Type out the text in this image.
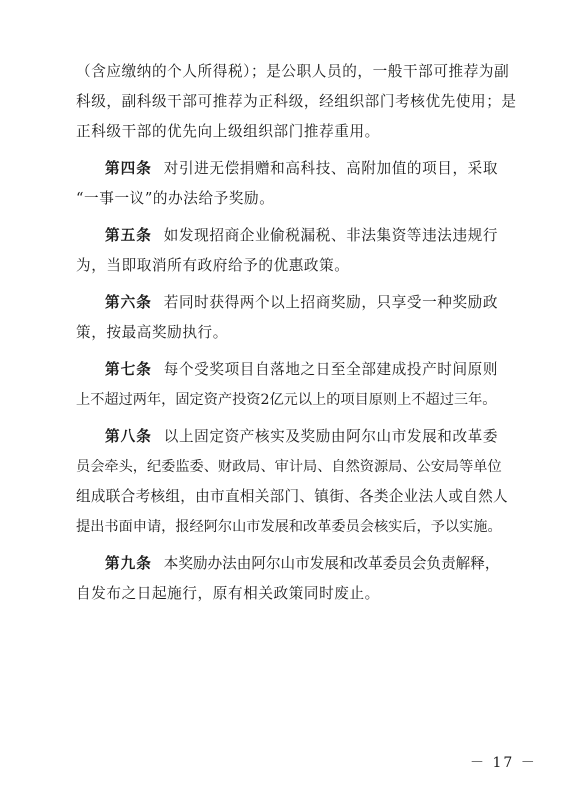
（含应缴纳的个人所得税）；是公职人员的，一般干部可推荐为副
科级，副科级干部可推荐为正科级，经组织部门考核优先使用；是
正科级干部的优先向上级组织部门推荐重用。
第四条 对引进无偿捐赠和高科技、高附加值的项目，采取
“一事一议”的办法给予奖励。
第五条 如发现招商企业偷税漏税、非法集资等违法违规行
为，当即取消所有政府给予的优惠政策。
第六条 若同时获得两个以上招商奖励，只享受一种奖励政
策，按最高奖励执行。
第七条 每个受奖项目自落地之日至全部建成投产时间原则
上不超过两年，固定资产投资2亿元以上的项目原则上不超过三年。
第八条 以上固定资产核实及奖励由阿尔山市发展和改革委
员会牵头，纪委监委、财政局、审计局、自然资源局、公安局等单位
组成联合考核组，由市直相关部门、镇街、各类企业法人或自然人
提出书面申请，报经阿尔山市发展和改革委员会核实后，予以实施。
第九条 本奖励办法由阿尔山市发展和改革委员会负责解释，
自发布之日起施行，原有相关政策同时废止。
－ 17 －
